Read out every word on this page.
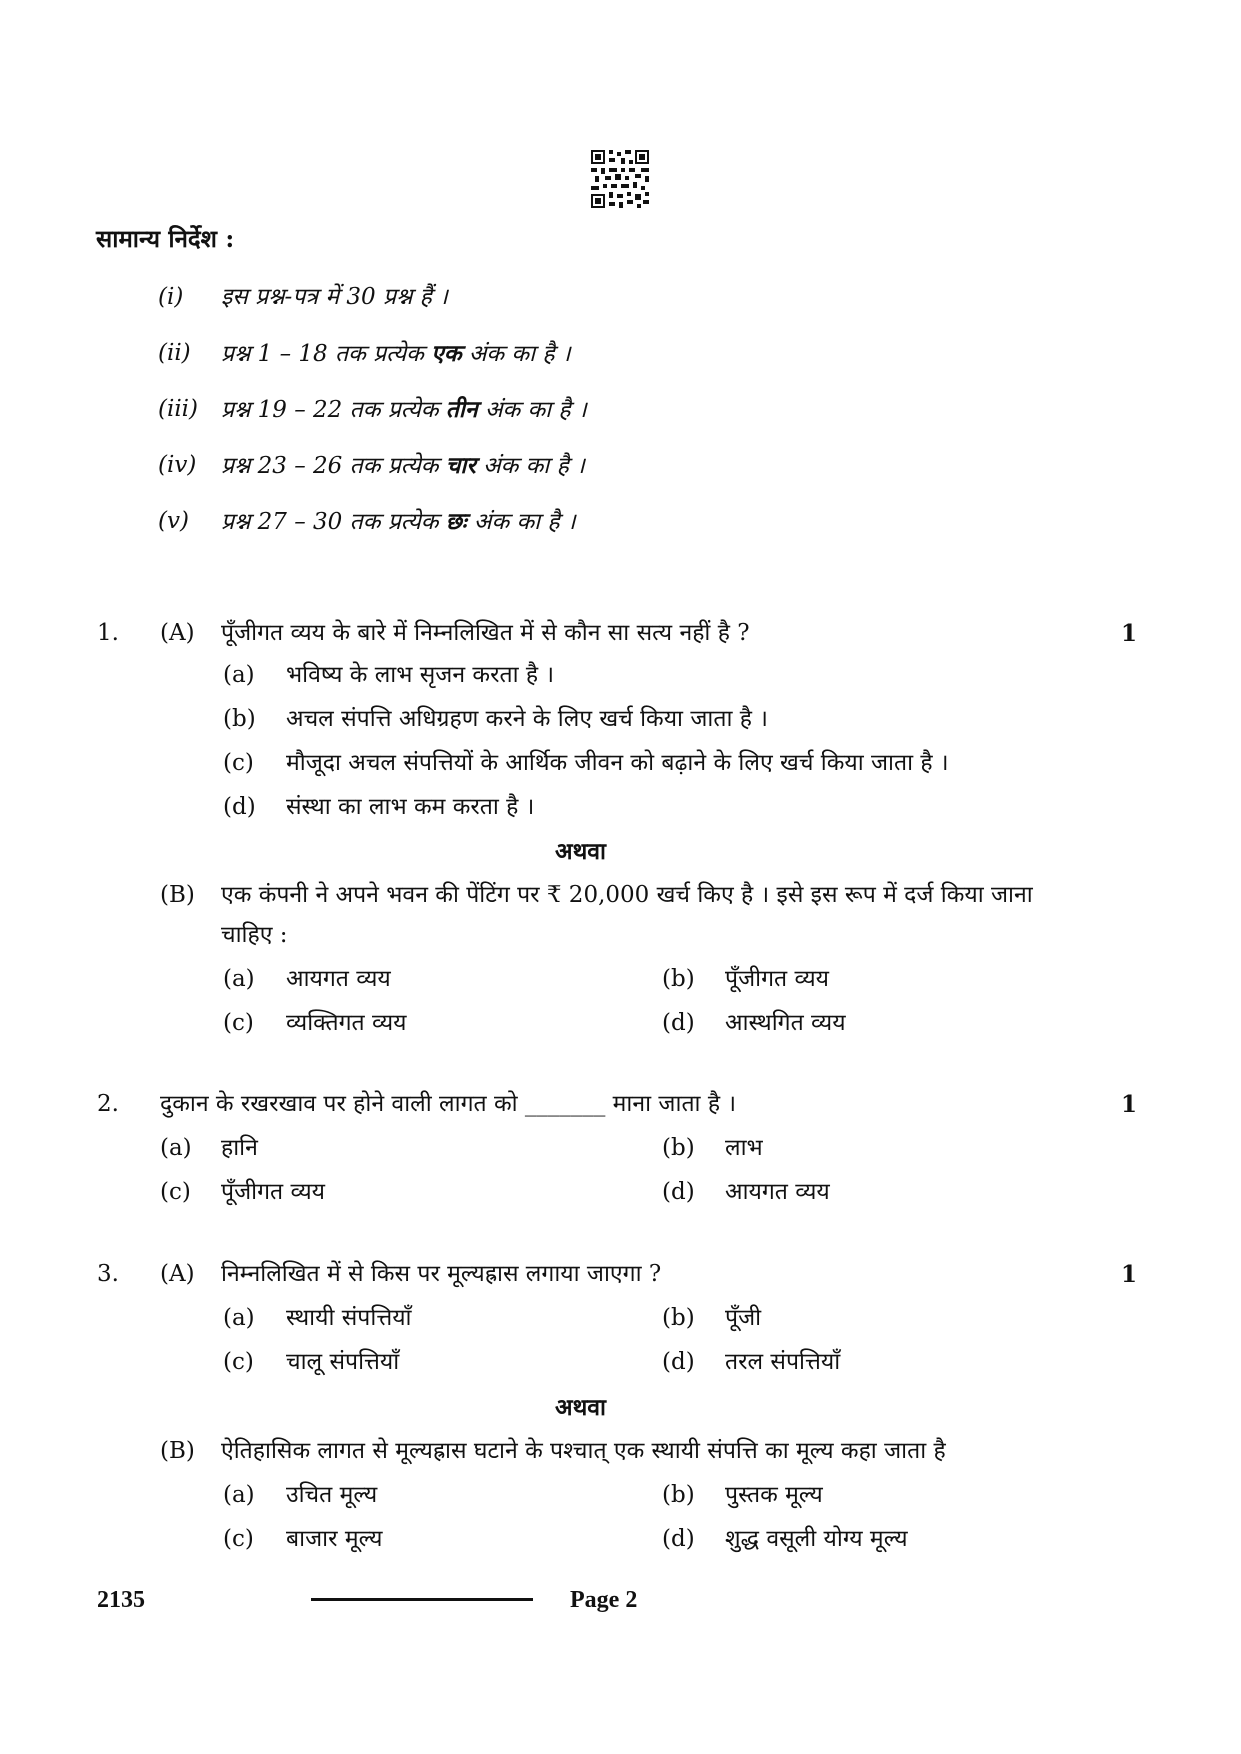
सामान्य निर्देश :
(i) इस प्रश्न-पत्र में 30 प्रश्न हैं ।
(ii) प्रश्न 1 – 18 तक प्रत्येक एक अंक का है ।
(iii) प्रश्न 19 – 22 तक प्रत्येक तीन अंक का है ।
(iv) प्रश्न 23 – 26 तक प्रत्येक चार अंक का है ।
(v) प्रश्न 27 – 30 तक प्रत्येक छः अंक का है ।
1. (A) पूँजीगत व्यय के बारे में निम्नलिखित में से कौन सा सत्य नहीं है ?	1
(a) भविष्य के लाभ सृजन करता है ।
(b) अचल संपत्ति अधिग्रहण करने के लिए खर्च किया जाता है ।
(c) मौजूदा अचल संपत्तियों के आर्थिक जीवन को बढ़ाने के लिए खर्च किया जाता है ।
(d) संस्था का लाभ कम करता है ।
अथवा
(B) एक कंपनी ने अपने भवन की पेंटिंग पर ₹ 20,000 खर्च किए है । इसे इस रूप में दर्ज किया जाना
चाहिए :
(a) आयगत व्यय	(b) पूँजीगत व्यय
(c) व्यक्तिगत व्यय	(d) आस्थगित व्यय
2. दुकान के रखरखाव पर होने वाली लागत को _______ माना जाता है ।	1
(a) हानि	(b) लाभ
(c) पूँजीगत व्यय	(d) आयगत व्यय
3. (A) निम्नलिखित में से किस पर मूल्यह्रास लगाया जाएगा ?	1
(a) स्थायी संपत्तियाँ	(b) पूँजी
(c) चालू संपत्तियाँ	(d) तरल संपत्तियाँ
अथवा
(B) ऐतिहासिक लागत से मूल्यह्रास घटाने के पश्चात् एक स्थायी संपत्ति का मूल्य कहा जाता है
(a) उचित मूल्य	(b) पुस्तक मूल्य
(c) बाजार मूल्य	(d) शुद्ध वसूली योग्य मूल्य
2135	Page 2
